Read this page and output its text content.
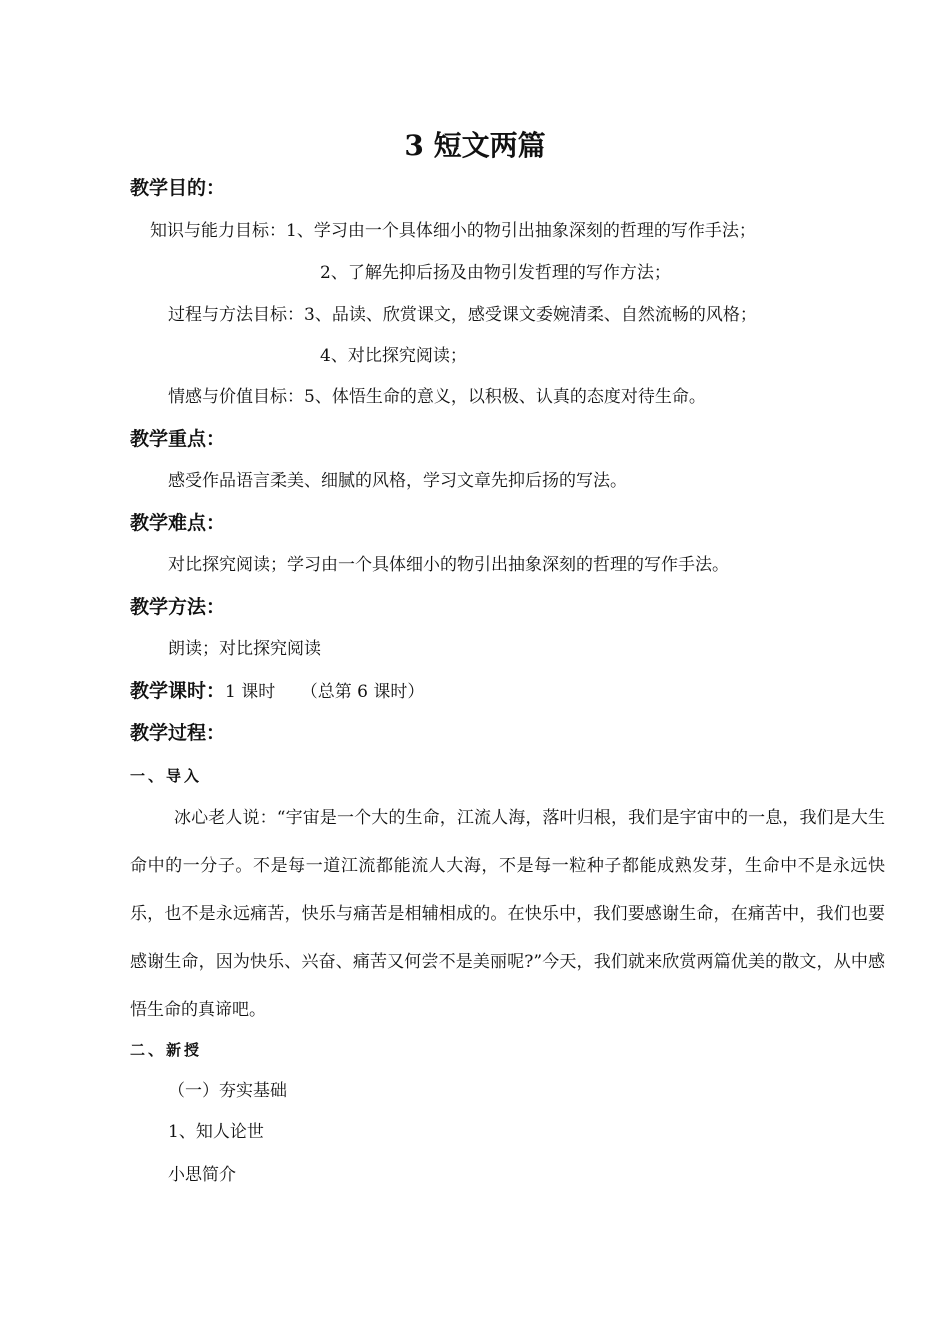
3 短文两篇
教学目的：
知识与能力目标：1、学习由一个具体细小的物引出抽象深刻的哲理的写作手法；
2、了解先抑后扬及由物引发哲理的写作方法；
过程与方法目标：3、品读、欣赏课文，感受课文委婉清柔、自然流畅的风格；
4、对比探究阅读；
情感与价值目标：5、体悟生命的意义，以积极、认真的态度对待生命。
教学重点：
感受作品语言柔美、细腻的风格，学习文章先抑后扬的写法。
教学难点：
对比探究阅读；学习由一个具体细小的物引出抽象深刻的哲理的写作手法。
教学方法：
朗读；对比探究阅读
教学课时：1 课时　　（总第 6 课时）
教学过程：
一、导入
冰心老人说：“宇宙是一个大的生命，江流人海，落叶归根，我们是宇宙中的一息，我们是大生命中的一分子。不是每一道江流都能流人大海，不是每一粒种子都能成熟发芽，生命中不是永远快乐，也不是永远痛苦，快乐与痛苦是相辅相成的。在快乐中，我们要感谢生命，在痛苦中，我们也要感谢生命，因为快乐、兴奋、痛苦又何尝不是美丽呢?”今天，我们就来欣赏两篇优美的散文，从中感悟生命的真谛吧。
二、新授
（一）夯实基础
1、知人论世
小思简介
